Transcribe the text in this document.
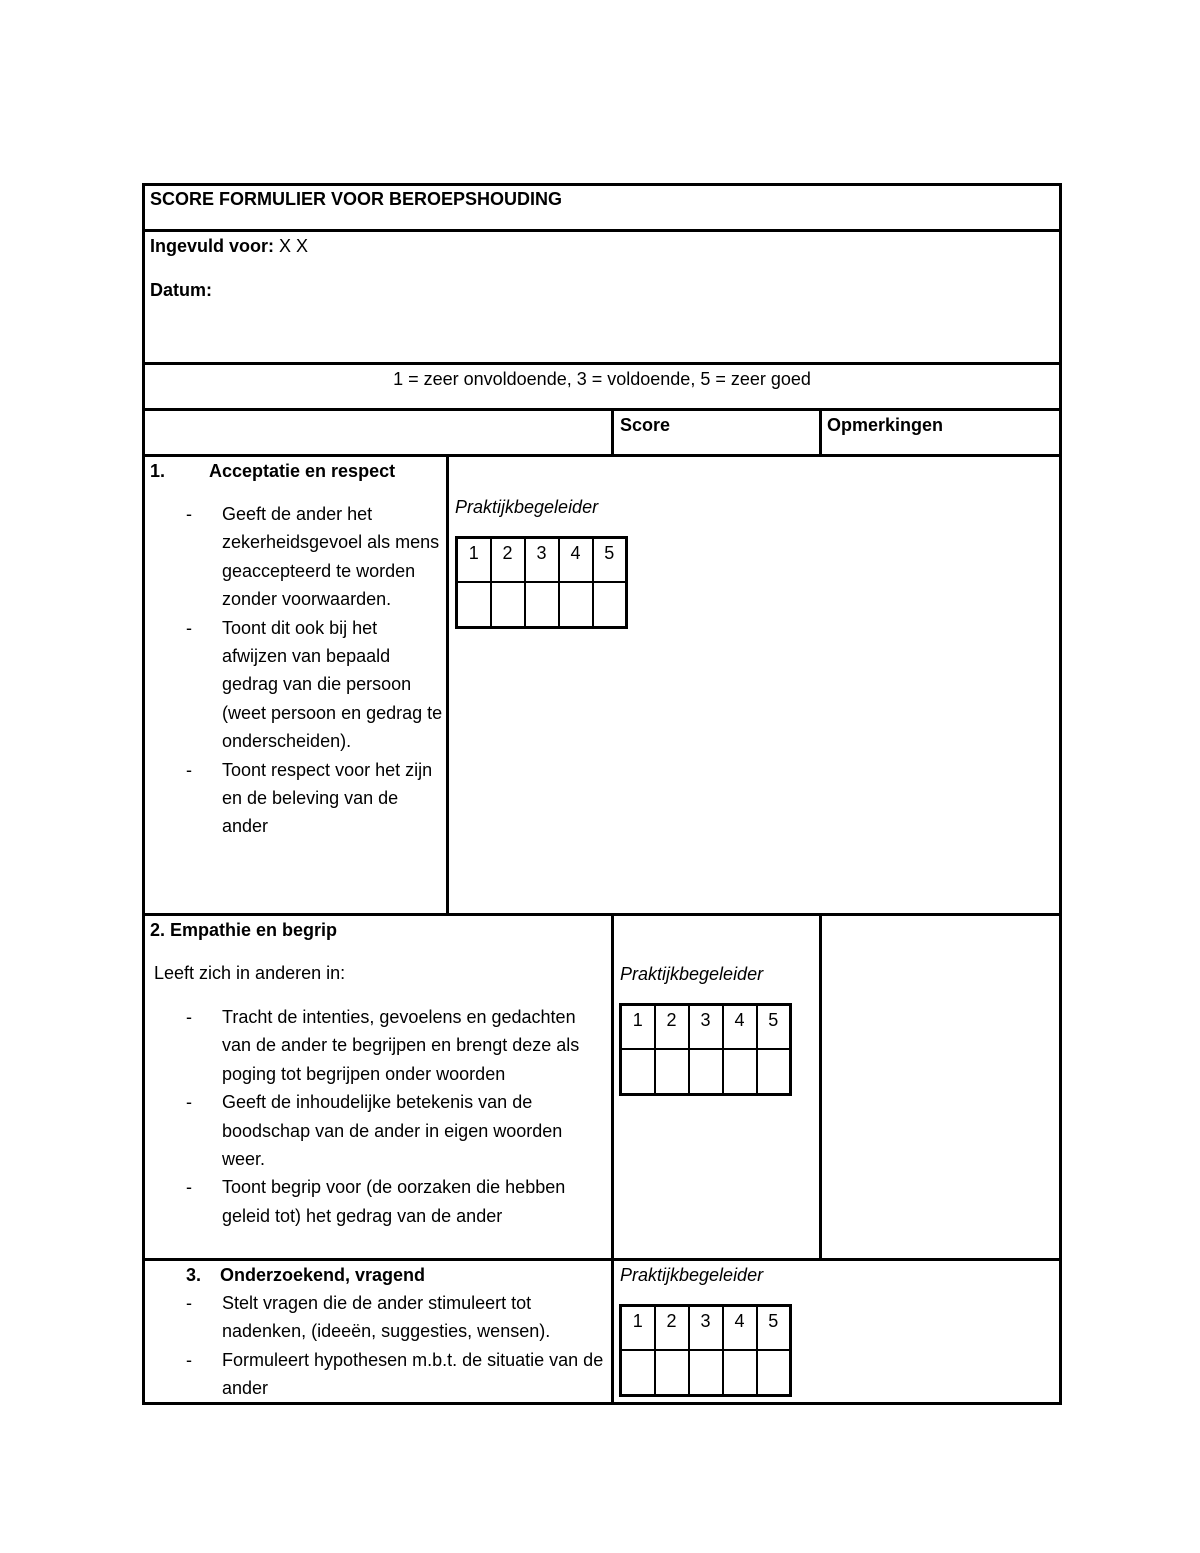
SCORE FORMULIER VOOR BEROEPSHOUDING
Ingevuld voor: X X
Datum:
1 = zeer onvoldoende, 3 = voldoende, 5 = zeer goed
Score	Opmerkingen
1. Acceptatie en respect
- Geeft de ander het zekerheidsgevoel als mens geaccepteerd te worden zonder voorwaarden.
- Toont dit ook bij het afwijzen van bepaald gedrag van die persoon (weet persoon en gedrag te onderscheiden).
- Toont respect voor het zijn en de beleving van de ander
Praktijkbegeleider
1	2	3	4	5

2. Empathie en begrip
Leeft zich in anderen in:
- Tracht de intenties, gevoelens en gedachten van de ander te begrijpen en brengt deze als poging tot begrijpen onder woorden
- Geeft de inhoudelijke betekenis van de boodschap van de ander in eigen woorden weer.
- Toont begrip voor (de oorzaken die hebben geleid tot) het gedrag van de ander
Praktijkbegeleider
1	2	3	4	5

3. Onderzoekend, vragend
- Stelt vragen die de ander stimuleert tot nadenken, (ideeën, suggesties, wensen).
- Formuleert hypothesen m.b.t. de situatie van de ander
Praktijkbegeleider
1	2	3	4	5
